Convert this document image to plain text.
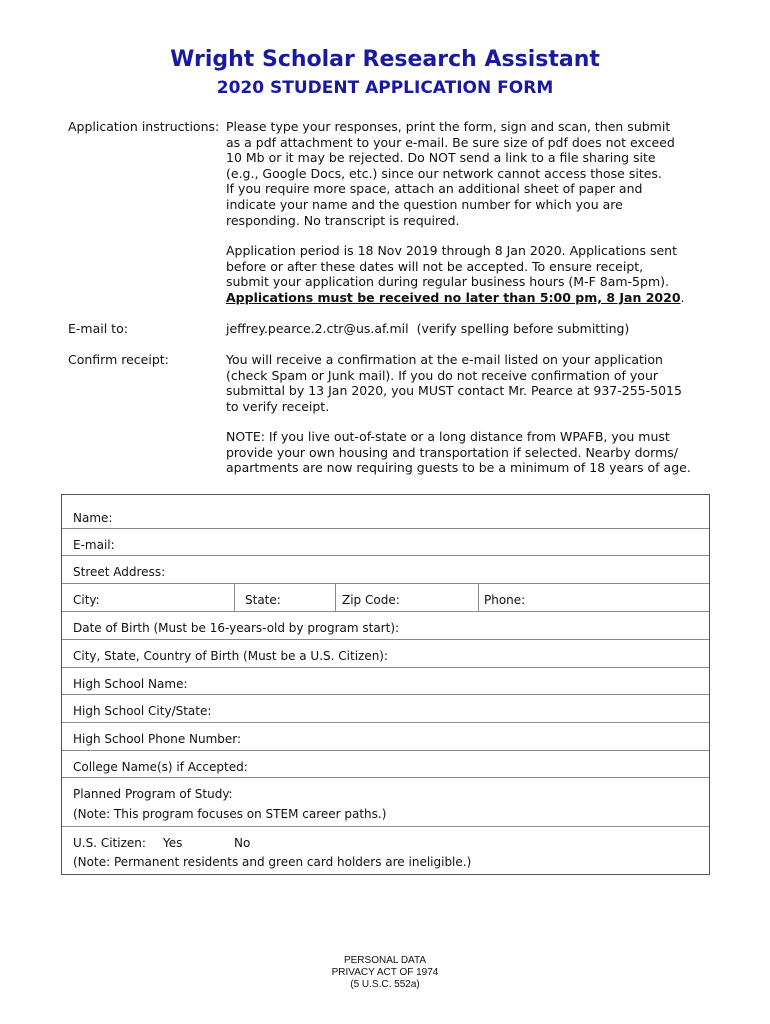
Wright Scholar Research Assistant
2020 STUDENT APPLICATION FORM
Application instructions: Please type your responses, print the form, sign and scan, then submit
as a pdf attachment to your e-mail. Be sure size of pdf does not exceed
10 Mb or it may be rejected. Do NOT send a link to a file sharing site
(e.g., Google Docs, etc.) since our network cannot access those sites.
If you require more space, attach an additional sheet of paper and
indicate your name and the question number for which you are
responding. No transcript is required.
Application period is 18 Nov 2019 through 8 Jan 2020. Applications sent
before or after these dates will not be accepted. To ensure receipt,
submit your application during regular business hours (M-F 8am-5pm).
Applications must be received no later than 5:00 pm, 8 Jan 2020.
E-mail to:	jeffrey.pearce.2.ctr@us.af.mil (verify spelling before submitting)
Confirm receipt:	You will receive a confirmation at the e-mail listed on your application
(check Spam or Junk mail). If you do not receive confirmation of your
submittal by 13 Jan 2020, you MUST contact Mr. Pearce at 937-255-5015
to verify receipt.
NOTE: If you live out-of-state or a long distance from WPAFB, you must
provide your own housing and transportation if selected. Nearby dorms/
apartments are now requiring guests to be a minimum of 18 years of age.
Name:
E-mail:
Street Address:
City:	State:	Zip Code:	Phone:
Date of Birth (Must be 16-years-old by program start):
City, State, Country of Birth (Must be a U.S. Citizen):
High School Name:
High School City/State:
High School Phone Number:
College Name(s) if Accepted:
Planned Program of Study:
(Note: This program focuses on STEM career paths.)
U.S. Citizen: Yes	No
(Note: Permanent residents and green card holders are ineligible.)
PERSONAL DATA
PRIVACY ACT OF 1974
(5 U.S.C. 552a)
